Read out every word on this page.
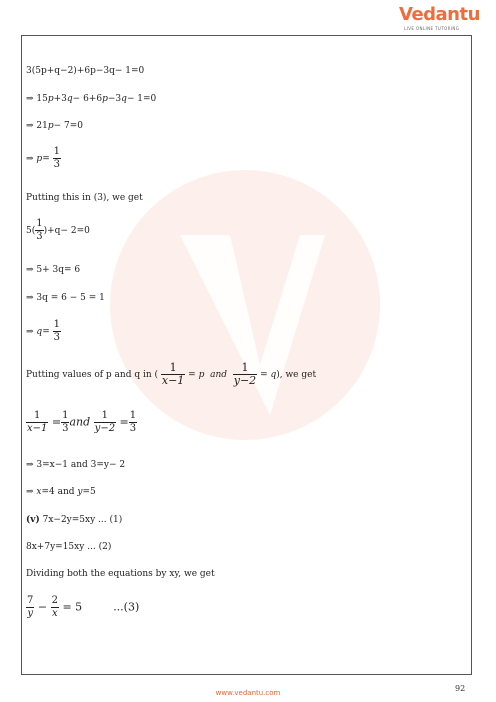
Vedantu
LIVE ONLINE TUTORING
3(5p+q−2)+6p−3q− 1=0
⇒ 15p+3q− 6+6p−3q− 1=0
⇒ 21p− 7=0
⇒ $p= \frac{1}{3}$
Putting this in (3), we get
$5( \frac{1}{3} )+q- 2=0$
⇒ 5+ 3q= 6
⇒ 3q = 6 − 5 = 1
⇒ $q= \frac{1}{3}$
Putting values of p and q in ( $\frac{1}{x-1} = p$ and $\frac{1}{y-2} = q$), we get
$\frac{1}{x-1} = \frac{1}{3}$ and $\frac{1}{y-2} = \frac{1}{3}$
⇒ 3=x−1 and 3=y− 2
⇒ x=4 and y=5
(v) 7x−2y=5xy ... (1)
8x+7y=15xy ... (2)
Dividing both the equations by xy, we get
$\frac{7}{y} - \frac{2}{x} = 5$	...(3)
92
www.vedantu.com
